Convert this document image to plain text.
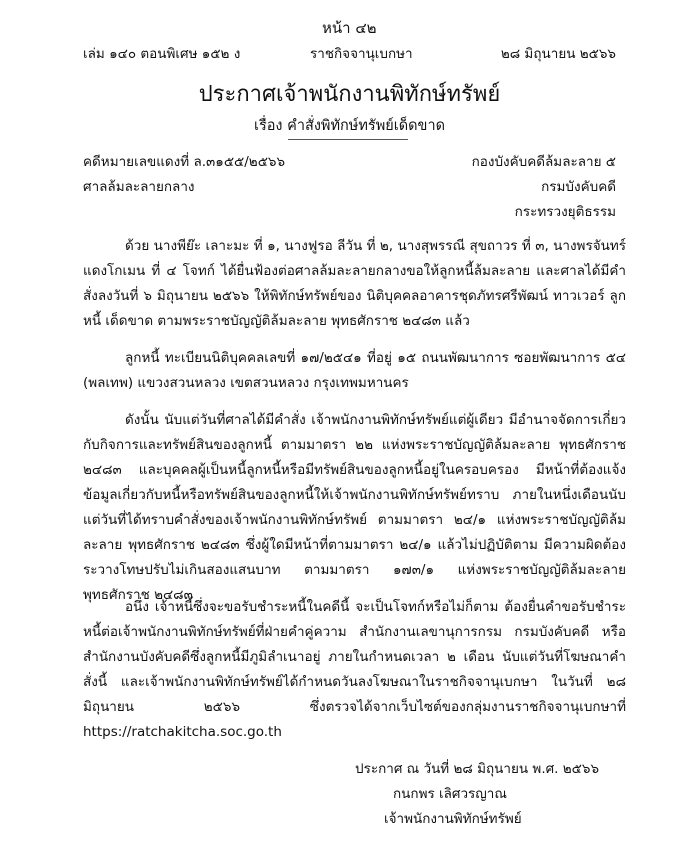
หน้า ๔๒
เล่ม ๑๔๐ ตอนพิเศษ ๑๕๒ ง	ราชกิจจานุเบกษา	๒๘ มิถุนายน ๒๕๖๖
ประกาศเจ้าพนักงานพิทักษ์ทรัพย์
เรื่อง คำสั่งพิทักษ์ทรัพย์เด็ดขาด
คดีหมายเลขแดงที่ ล.๓๑๕๕/๒๕๖๖
ศาลล้มละลายกลาง
กองบังคับคดีล้มละลาย ๕
กรมบังคับคดี
กระทรวงยุติธรรม

ด้วย นางพีย๊ะ เลาะมะ ที่ ๑, นางฟูรอ ลีวัน ที่ ๒, นางสุพรรณี สุขถาวร ที่ ๓, นางพรจันทร์ แดงโกเมน ที่ ๔ โจทก์ ได้ยื่นฟ้องต่อศาลล้มละลายกลางขอให้ลูกหนี้ล้มละลาย และศาลได้มีคำสั่งลงวันที่ ๖ มิถุนายน ๒๕๖๖ ให้พิทักษ์ทรัพย์ของ นิติบุคคลอาคารชุดภัทรศรีพัฒน์ ทาวเวอร์ ลูกหนี้ เด็ดขาด ตามพระราชบัญญัติล้มละลาย พุทธศักราช ๒๔๘๓ แล้ว

ลูกหนี้ ทะเบียนนิติบุคคลเลขที่ ๑๗/๒๕๔๑ ที่อยู่ ๑๕ ถนนพัฒนาการ ซอยพัฒนาการ ๕๔ (พลเทพ) แขวงสวนหลวง เขตสวนหลวง กรุงเทพมหานคร

ดังนั้น นับแต่วันที่ศาลได้มีคำสั่ง เจ้าพนักงานพิทักษ์ทรัพย์แต่ผู้เดียว มีอำนาจจัดการเกี่ยวกับกิจการและทรัพย์สินของลูกหนี้ ตามมาตรา ๒๒ แห่งพระราชบัญญัติล้มละลาย พุทธศักราช ๒๔๘๓ และบุคคลผู้เป็นหนี้ลูกหนี้หรือมีทรัพย์สินของลูกหนี้อยู่ในครอบครอง มีหน้าที่ต้องแจ้งข้อมูลเกี่ยวกับหนี้หรือทรัพย์สินของลูกหนี้ให้เจ้าพนักงานพิทักษ์ทรัพย์ทราบ ภายในหนึ่งเดือนนับแต่วันที่ได้ทราบคำสั่งของเจ้าพนักงานพิทักษ์ทรัพย์ ตามมาตรา ๒๔/๑ แห่งพระราชบัญญัติล้มละลาย พุทธศักราช ๒๔๘๓ ซึ่งผู้ใดมีหน้าที่ตามมาตรา ๒๔/๑ แล้วไม่ปฏิบัติตาม มีความผิดต้องระวางโทษปรับไม่เกินสองแสนบาท ตามมาตรา ๑๗๓/๑ แห่งพระราชบัญญัติล้มละลาย พุทธศักราช ๒๔๘๓

อนึ่ง เจ้าหนี้ซึ่งจะขอรับชำระหนี้ในคดีนี้ จะเป็นโจทก์หรือไม่ก็ตาม ต้องยื่นคำขอรับชำระหนี้ต่อเจ้าพนักงานพิทักษ์ทรัพย์ที่ฝ่ายคำคู่ความ สำนักงานเลขานุการกรม กรมบังคับคดี หรือ สำนักงานบังคับคดีซึ่งลูกหนี้มีภูมิลำเนาอยู่ ภายในกำหนดเวลา ๒ เดือน นับแต่วันที่โฆษณาคำสั่งนี้ และเจ้าพนักงานพิทักษ์ทรัพย์ได้กำหนดวันลงโฆษณาในราชกิจจานุเบกษา ในวันที่ ๒๘ มิถุนายน ๒๕๖๖ ซึ่งตรวจได้จากเว็บไซต์ของกลุ่มงานราชกิจจานุเบกษาที่ https://ratchakitcha.soc.go.th

ประกาศ ณ วันที่ ๒๘ มิถุนายน พ.ศ. ๒๕๖๖
กนกพร เลิศวรญาณ
เจ้าพนักงานพิทักษ์ทรัพย์
